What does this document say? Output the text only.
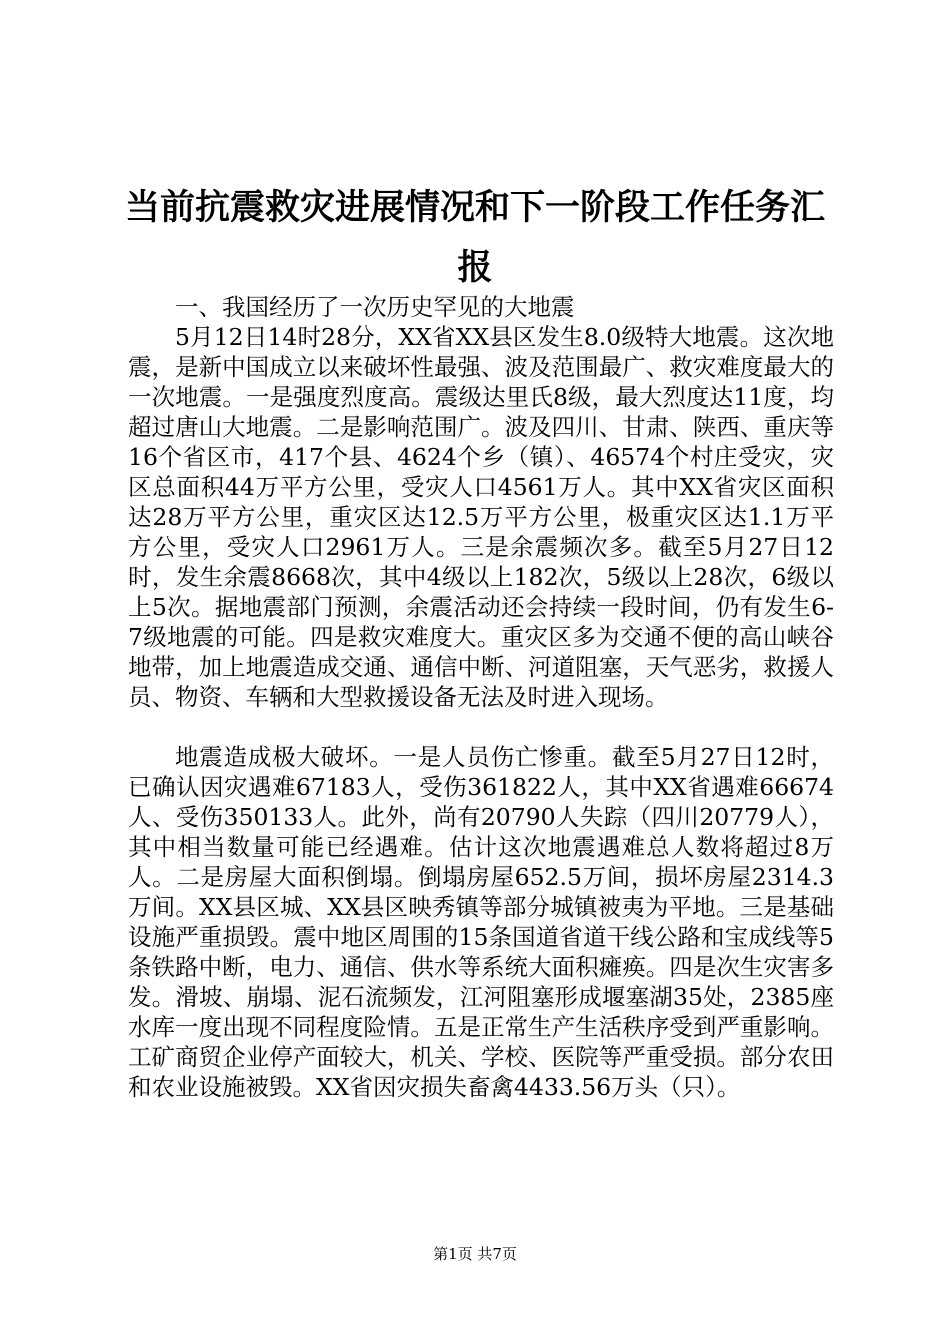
当前抗震救灾进展情况和下一阶段工作任务汇报

一、我国经历了一次历史罕见的大地震

5月12日14时28分，XX省XX县区发生8.0级特大地震。这次地震，是新中国成立以来破坏性最强、波及范围最广、救灾难度最大的一次地震。一是强度烈度高。震级达里氏8级，最大烈度达11度，均超过唐山大地震。二是影响范围广。波及四川、甘肃、陕西、重庆等16个省区市，417个县、4624个乡（镇）、46574个村庄受灾，灾区总面积44万平方公里，受灾人口4561万人。其中XX省灾区面积达28万平方公里，重灾区达12.5万平方公里，极重灾区达1.1万平方公里，受灾人口2961万人。三是余震频次多。截至5月27日12时，发生余震8668次，其中4级以上182次，5级以上28次，6级以上5次。据地震部门预测，余震活动还会持续一段时间，仍有发生6-7级地震的可能。四是救灾难度大。重灾区多为交通不便的高山峡谷地带，加上地震造成交通、通信中断、河道阻塞，天气恶劣，救援人员、物资、车辆和大型救援设备无法及时进入现场。

地震造成极大破坏。一是人员伤亡惨重。截至5月27日12时，已确认因灾遇难67183人，受伤361822人，其中XX省遇难66674人、受伤350133人。此外，尚有20790人失踪（四川20779人），其中相当数量可能已经遇难。估计这次地震遇难总人数将超过8万人。二是房屋大面积倒塌。倒塌房屋652.5万间，损坏房屋2314.3万间。XX县区城、XX县区映秀镇等部分城镇被夷为平地。三是基础设施严重损毁。震中地区周围的15条国道省道干线公路和宝成线等5条铁路中断，电力、通信、供水等系统大面积瘫痪。四是次生灾害多发。滑坡、崩塌、泥石流频发，江河阻塞形成堰塞湖35处，2385座水库一度出现不同程度险情。五是正常生产生活秩序受到严重影响。工矿商贸企业停产面较大，机关、学校、医院等严重受损。部分农田和农业设施被毁。XX省因灾损失畜禽4433.56万头（只）。

第1页 共7页
